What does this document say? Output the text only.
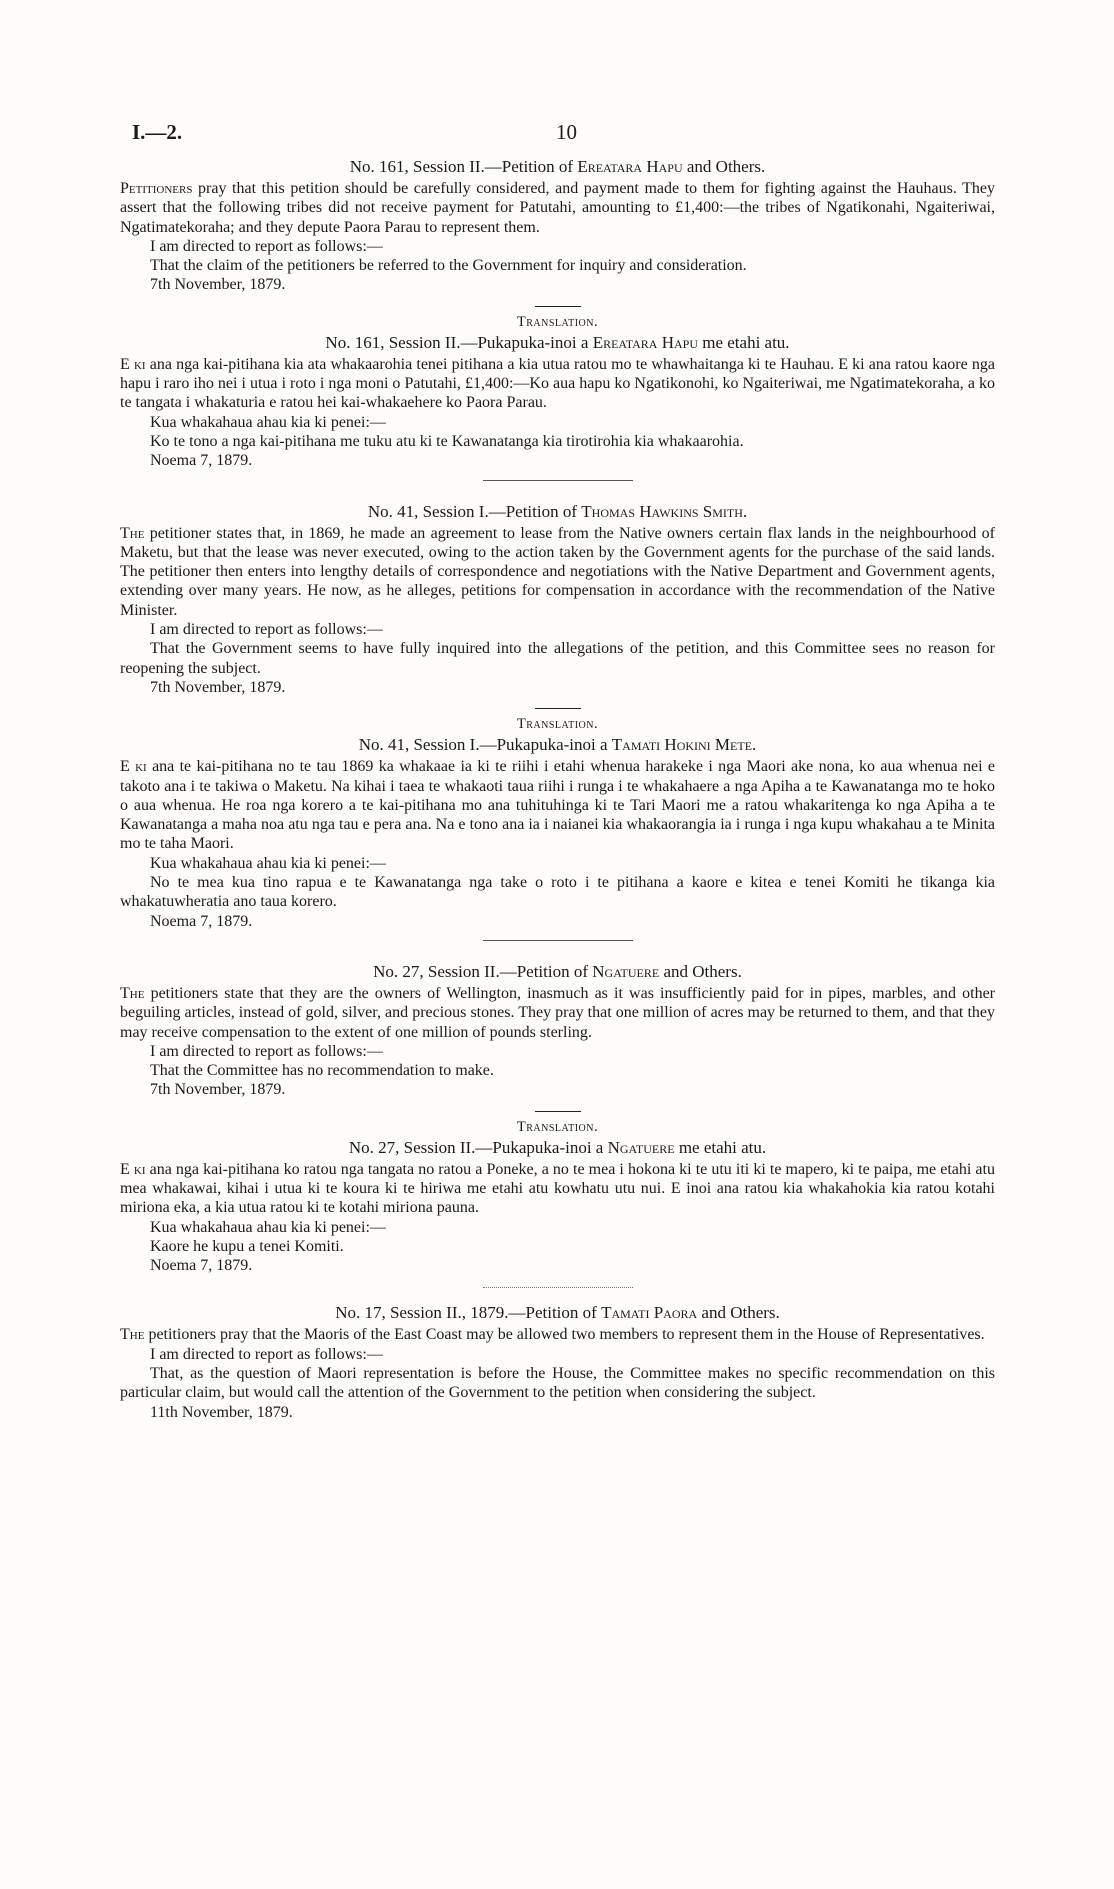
I.—2.	10
No. 161, Session II.—Petition of Ereatara Hapu and Others.

Petitioners pray that this petition should be carefully considered, and payment made to them for fighting against the Hauhaus. They assert that the following tribes did not receive payment for Patutahi, amounting to £1,400:—the tribes of Ngatikonahi, Ngaiteriwai, Ngatimatekoraha; and they depute Paora Parau to represent them.

I am directed to report as follows:—

That the claim of the petitioners be referred to the Government for inquiry and consideration.

7th November, 1879.

Translation.
No. 161, Session II.—Pukapuka-inoi a Ereatara Hapu me etahi atu.

E ki ana nga kai-pitihana kia ata whakaarohia tenei pitihana a kia utua ratou mo te whawhaitanga ki te Hauhau. E ki ana ratou kaore nga hapu i raro iho nei i utua i roto i nga moni o Patutahi, £1,400:—Ko aua hapu ko Ngatikonohi, ko Ngaiteriwai, me Ngatimatekoraha, a ko te tangata i whakaturia e ratou hei kai-whakaehere ko Paora Parau.

Kua whakahaua ahau kia ki penei:—

Ko te tono a nga kai-pitihana me tuku atu ki te Kawanatanga kia tirotirohia kia whakaarohia.

Noema 7, 1879.

No. 41, Session I.—Petition of Thomas Hawkins Smith.

The petitioner states that, in 1869, he made an agreement to lease from the Native owners certain flax lands in the neighbourhood of Maketu, but that the lease was never executed, owing to the action taken by the Government agents for the purchase of the said lands. The petitioner then enters into lengthy details of correspondence and negotiations with the Native Department and Government agents, extending over many years. He now, as he alleges, petitions for compensation in accordance with the recommendation of the Native Minister.

I am directed to report as follows:—

That the Government seems to have fully inquired into the allegations of the petition, and this Committee sees no reason for reopening the subject.

7th November, 1879.

Translation.
No. 41, Session I.—Pukapuka-inoi a Tamati Hokini Mete.

E ki ana te kai-pitihana no te tau 1869 ka whakaae ia ki te riihi i etahi whenua harakeke i nga Maori ake nona, ko aua whenua nei e takoto ana i te takiwa o Maketu. Na kihai i taea te whakaoti taua riihi i runga i te whakahaere a nga Apiha a te Kawanatanga mo te hoko o aua whenua. He roa nga korero a te kai-pitihana mo ana tuhituhinga ki te Tari Maori me a ratou whakaritenga ko nga Apiha a te Kawanatanga a maha noa atu nga tau e pera ana. Na e tono ana ia i naianei kia whakaorangia ia i runga i nga kupu whakahau a te Minita mo te taha Maori.

Kua whakahaua ahau kia ki penei:—

No te mea kua tino rapua e te Kawanatanga nga take o roto i te pitihana a kaore e kitea e tenei Komiti he tikanga kia whakatuwheratia ano taua korero.

Noema 7, 1879.

No. 27, Session II.—Petition of Ngatuere and Others.

The petitioners state that they are the owners of Wellington, inasmuch as it was insufficiently paid for in pipes, marbles, and other beguiling articles, instead of gold, silver, and precious stones. They pray that one million of acres may be returned to them, and that they may receive compensation to the extent of one million of pounds sterling.

I am directed to report as follows:—

That the Committee has no recommendation to make.

7th November, 1879.

Translation.
No. 27, Session II.—Pukapuka-inoi a Ngatuere me etahi atu.

E ki ana nga kai-pitihana ko ratou nga tangata no ratou a Poneke, a no te mea i hokona ki te utu iti ki te mapero, ki te paipa, me etahi atu mea whakawai, kihai i utua ki te koura ki te hiriwa me etahi atu kowhatu utu nui. E inoi ana ratou kia whakahokia kia ratou kotahi miriona eka, a kia utua ratou ki te kotahi miriona pauna.

Kua whakahaua ahau kia ki penei:—

Kaore he kupu a tenei Komiti.

Noema 7, 1879.

No. 17, Session II., 1879.—Petition of Tamati Paora and Others.

The petitioners pray that the Maoris of the East Coast may be allowed two members to represent them in the House of Representatives.

I am directed to report as follows:—

That, as the question of Maori representation is before the House, the Committee makes no specific recommendation on this particular claim, but would call the attention of the Government to the petition when considering the subject.

11th November, 1879.
